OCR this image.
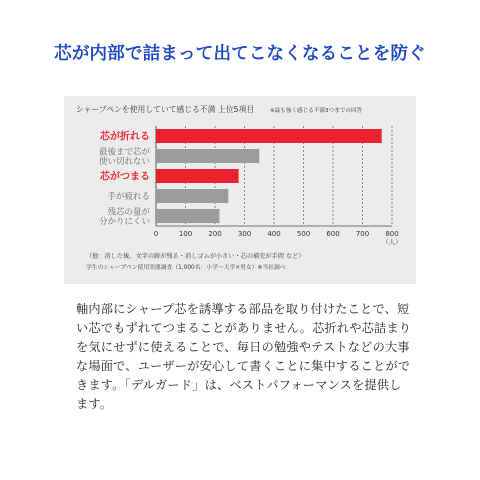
芯が内部で詰まって出てこなくなることを防ぐ
シャープペンを使用していて感じる不満 上位5項目	※最も強く感じる不満3つまでの回答
0	100 200 300 400 500 600 700 800
（人）
芯が折れる
最後まで芯が使い切れない
芯がつまる
手が疲れる
残芯の量が分かりにくい
（他：消した後、文字の跡が残る・消しゴムが小さい・芯の補充が手間 など）
学生のシャープペン使用実態調査（1,000名：小学〜大学×男女）※当社調べ
軸内部にシャープ芯を誘導する部品を取り付けたことで、短い芯でもずれてつまることがありません。芯折れや芯詰まりを気にせずに使えることで、毎日の勉強やテストなどの大事な場面で、ユーザーが安心して書くことに集中することができます。「デルガード」は、ベストパフォーマンスを提供します。
